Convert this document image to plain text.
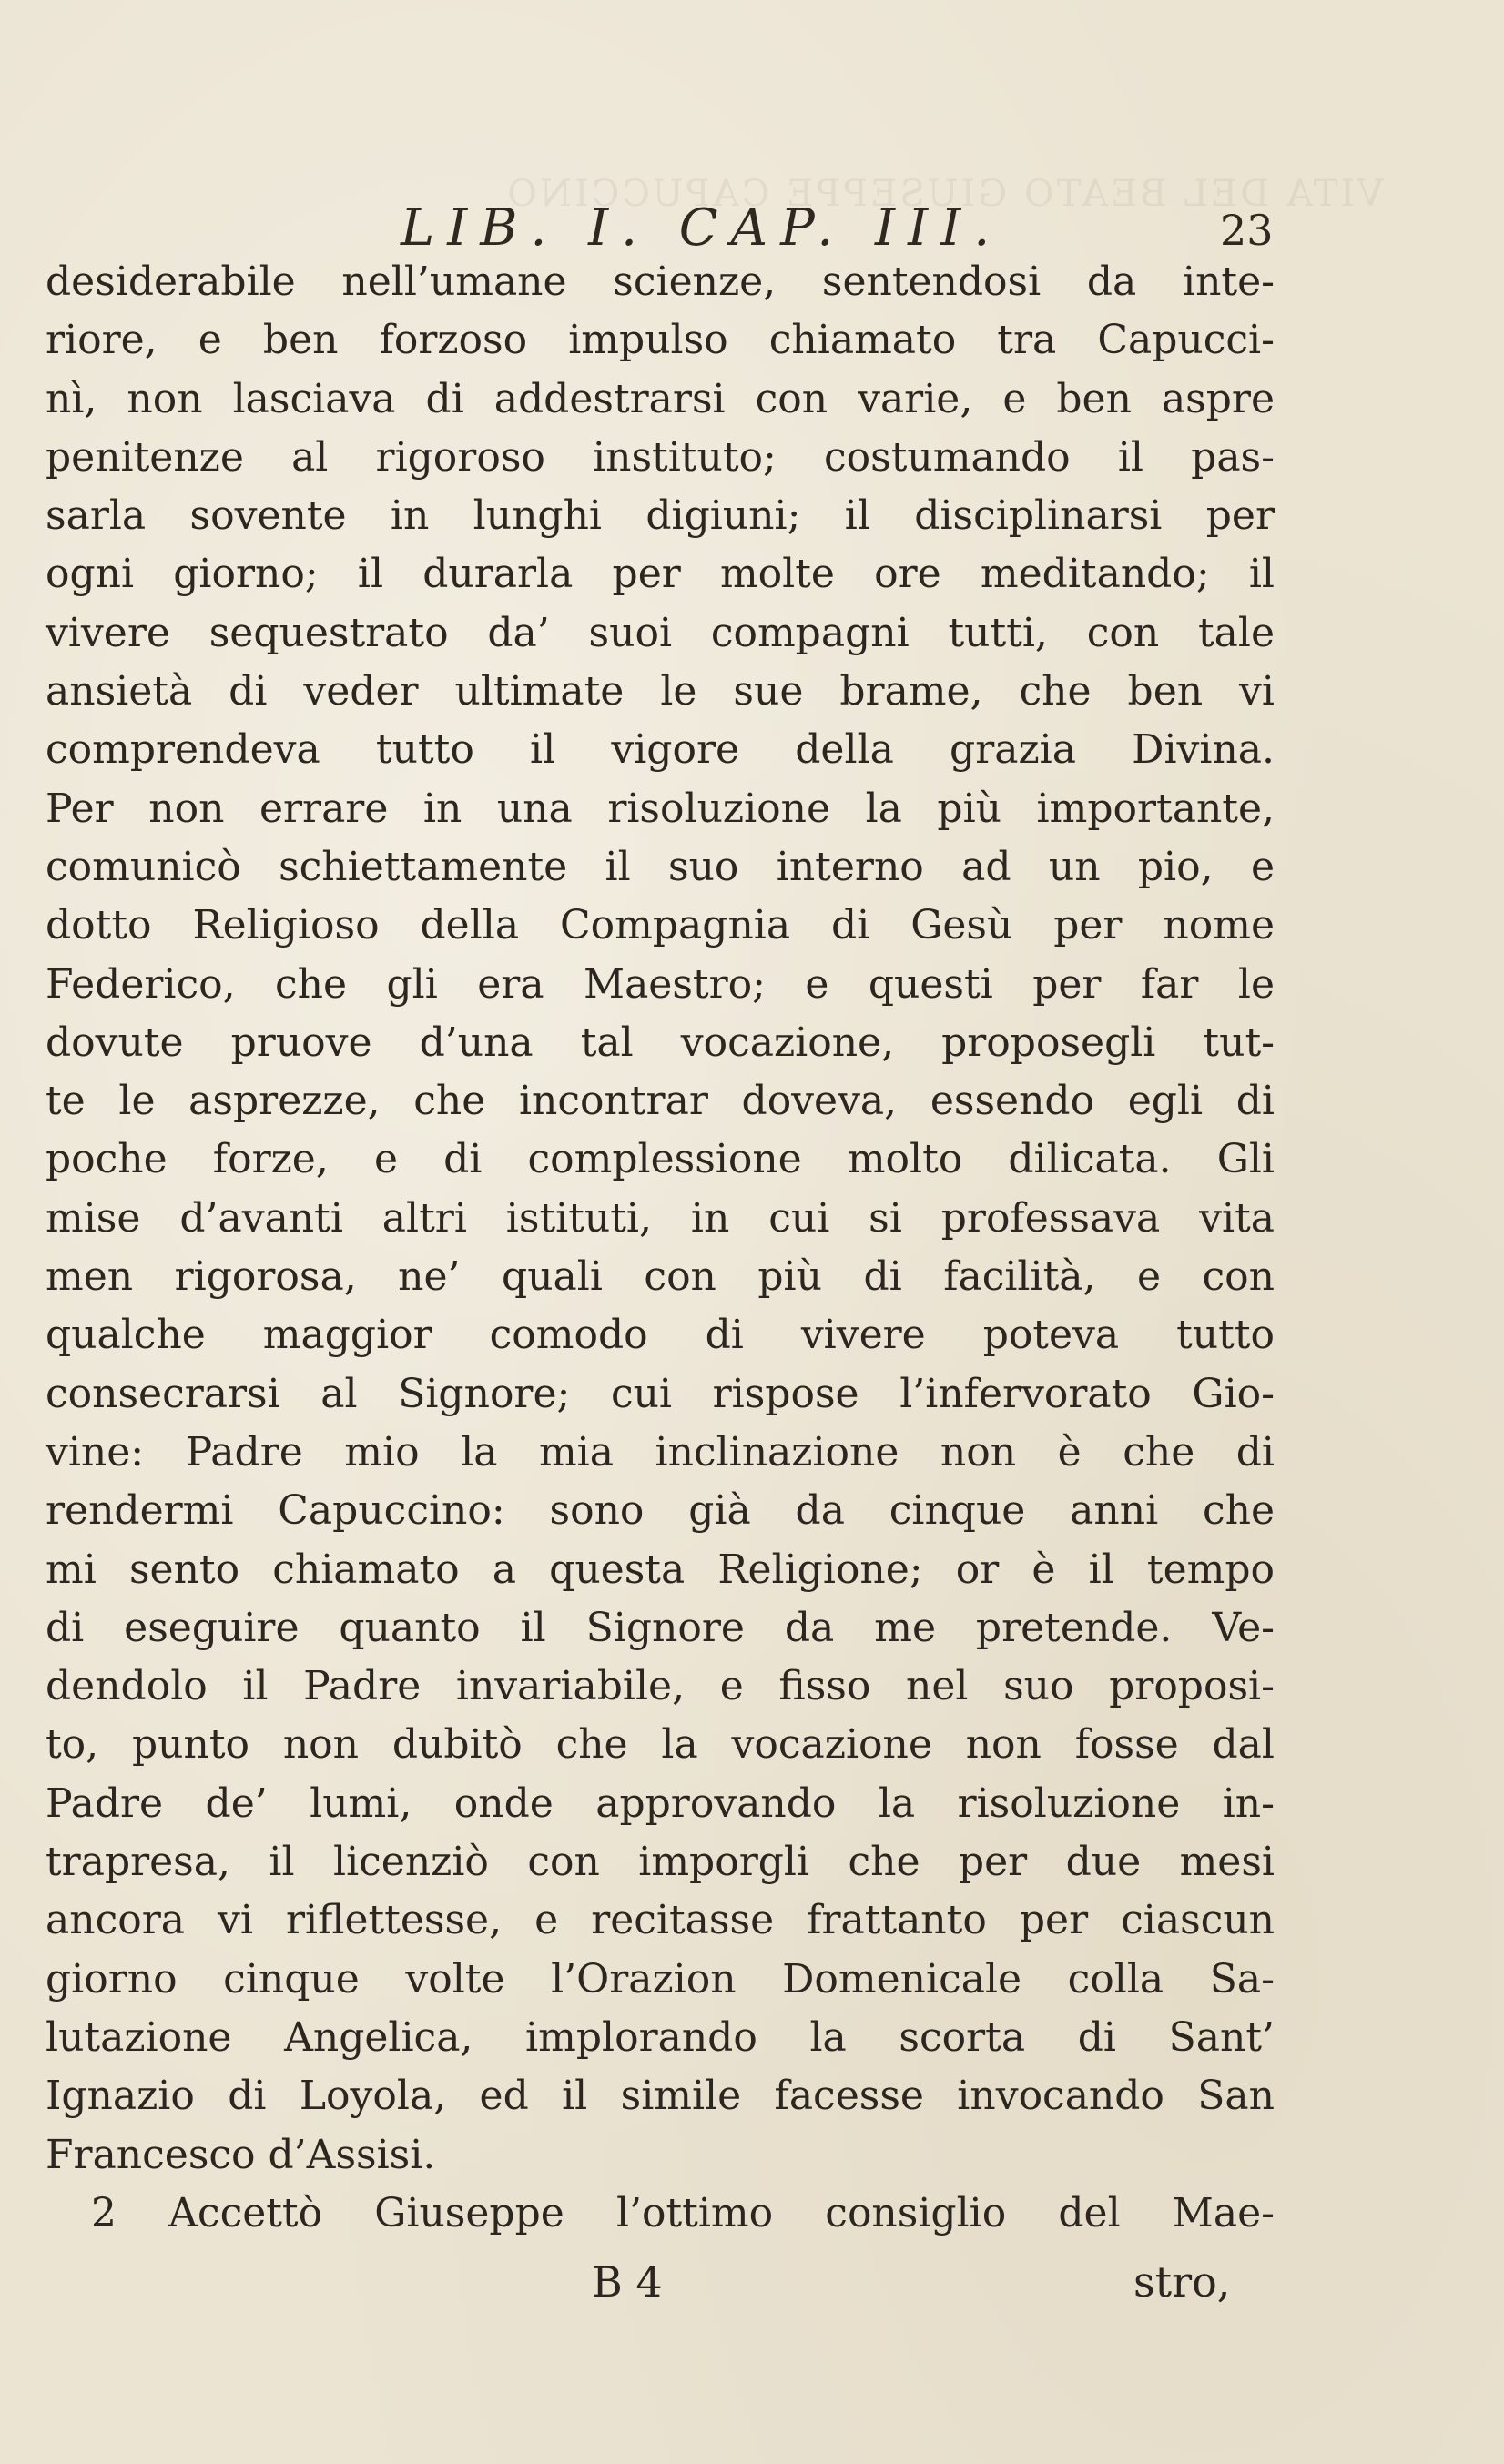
VITA DEL BEATO GIUSEPPE CAPUCCINO
LIB. I. CAP. III.	23
desiderabile nell’umane scienze, sentendosi da inte-
riore, e ben forzoso impulso chiamato tra Capucci-
nì, non lasciava di addestrarsi con varie, e ben aspre
penitenze al rigoroso instituto; costumando il pas-
sarla sovente in lunghi digiuni; il disciplinarsi per
ogni giorno; il durarla per molte ore meditando; il
vivere sequestrato da’ suoi compagni tutti, con tale
ansietà di veder ultimate le sue brame, che ben vi
comprendeva tutto il vigore della grazia Divina.
Per non errare in una risoluzione la più importante,
comunicò schiettamente il suo interno ad un pio, e
dotto Religioso della Compagnia di Gesù per nome
Federico, che gli era Maestro; e questi per far le
dovute pruove d’una tal vocazione, proposegli tut-
te le asprezze, che incontrar doveva, essendo egli di
poche forze, e di complessione molto dilicata. Gli
mise d’avanti altri istituti, in cui si professava vita
men rigorosa, ne’ quali con più di facilità, e con
qualche maggior comodo di vivere poteva tutto
consecrarsi al Signore; cui rispose l’infervorato Gio-
vine: Padre mio la mia inclinazione non è che di
rendermi Capuccino: sono già da cinque anni che
mi sento chiamato a questa Religione; or è il tempo
di eseguire quanto il Signore da me pretende. Ve-
dendolo il Padre invariabile, e fisso nel suo proposi-
to, punto non dubitò che la vocazione non fosse dal
Padre de’ lumi, onde approvando la risoluzione in-
trapresa, il licenziò con imporgli che per due mesi
ancora vi riflettesse, e recitasse frattanto per ciascun
giorno cinque volte l’Orazion Domenicale colla Sa-
lutazione Angelica, implorando la scorta di Sant’
Ignazio di Loyola, ed il simile facesse invocando San
Francesco d’Assisi.
2 Accettò Giuseppe l’ottimo consiglio del Mae-
B 4	stro,
